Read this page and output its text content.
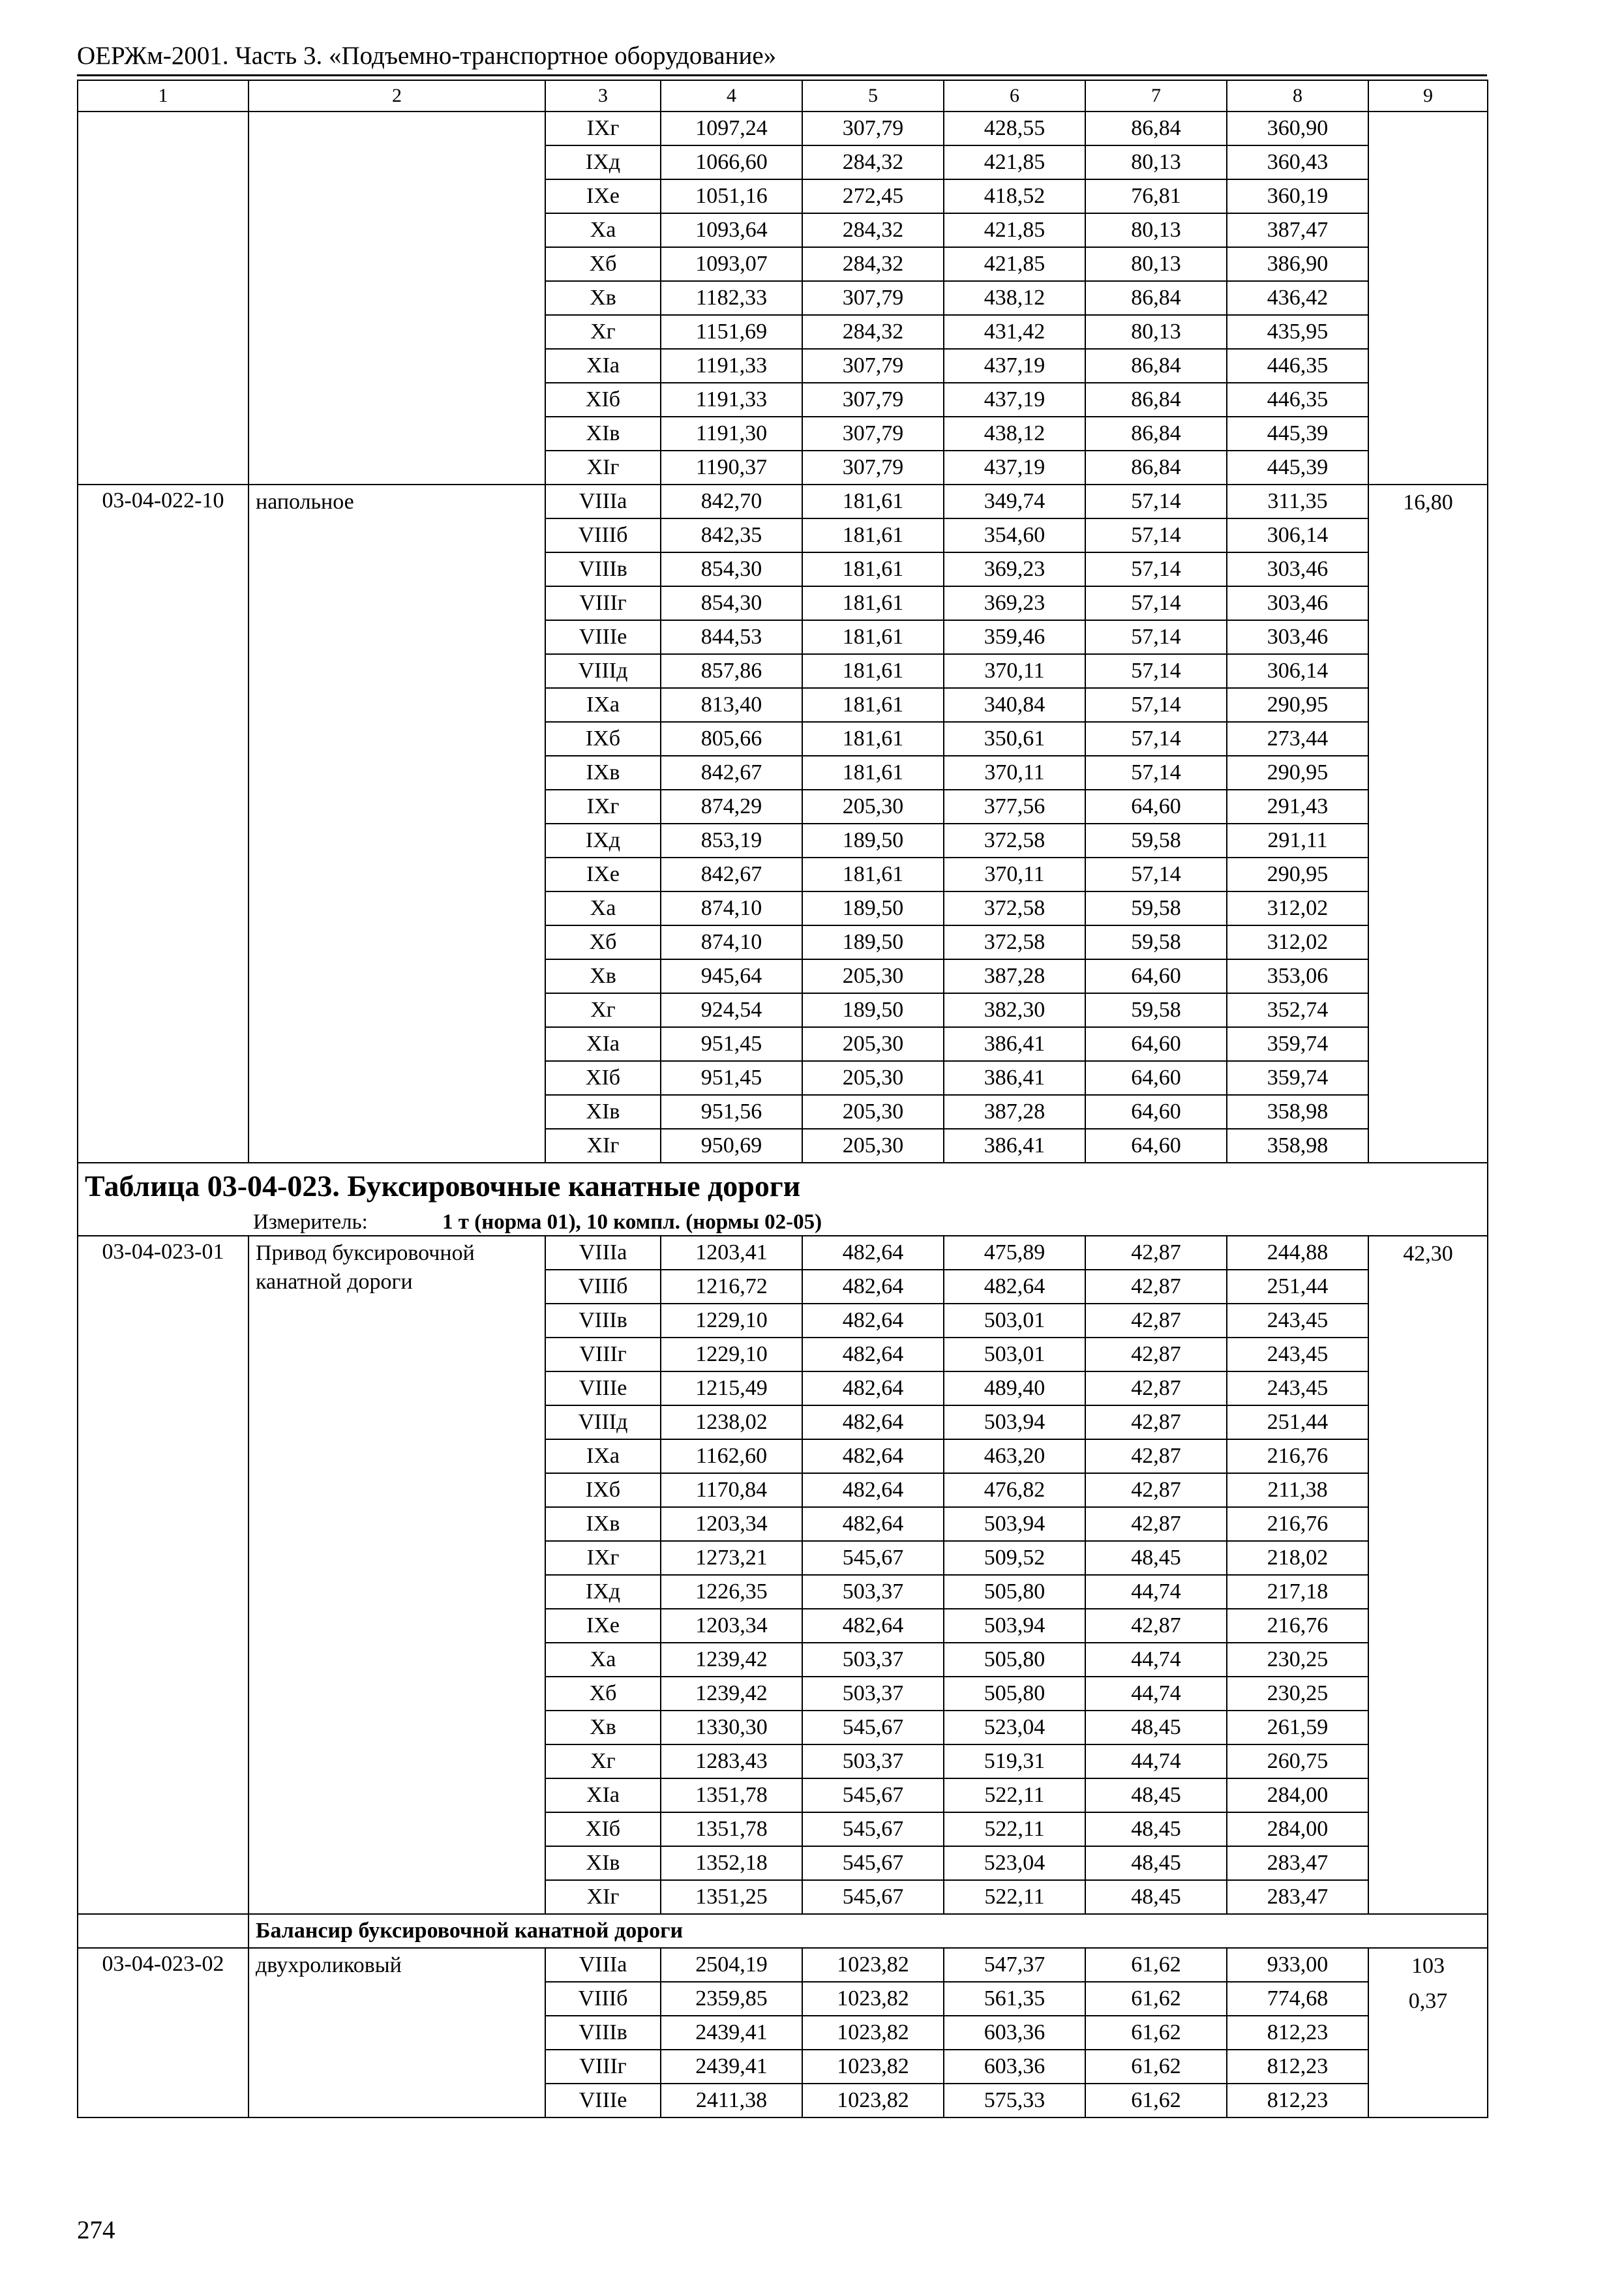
ОЕРЖм-2001. Часть 3. «Подъемно-транспортное оборудование»
1	2	3	4	5	6	7	8	9
		IXг	1097,24	307,79	428,55	86,84	360,90	
		IXд	1066,60	284,32	421,85	80,13	360,43	
		IXе	1051,16	272,45	418,52	76,81	360,19	
		Xа	1093,64	284,32	421,85	80,13	387,47	
		Xб	1093,07	284,32	421,85	80,13	386,90	
		Xв	1182,33	307,79	438,12	86,84	436,42	
		Xг	1151,69	284,32	431,42	80,13	435,95	
		XIа	1191,33	307,79	437,19	86,84	446,35	
		XIб	1191,33	307,79	437,19	86,84	446,35	
		XIв	1191,30	307,79	438,12	86,84	445,39	
		XIг	1190,37	307,79	437,19	86,84	445,39	
03-04-022-10	напольное	VIIIа	842,70	181,61	349,74	57,14	311,35	16,80

		VIIIб	842,35	181,61	354,60	57,14	306,14	
		VIIIв	854,30	181,61	369,23	57,14	303,46	
		VIIIг	854,30	181,61	369,23	57,14	303,46	
		VIIIе	844,53	181,61	359,46	57,14	303,46	
		VIIIд	857,86	181,61	370,11	57,14	306,14	
		IXа	813,40	181,61	340,84	57,14	290,95	
		IXб	805,66	181,61	350,61	57,14	273,44	
		IXв	842,67	181,61	370,11	57,14	290,95	
		IXг	874,29	205,30	377,56	64,60	291,43	
		IXд	853,19	189,50	372,58	59,58	291,11	
		IXе	842,67	181,61	370,11	57,14	290,95	
		Xа	874,10	189,50	372,58	59,58	312,02	
		Xб	874,10	189,50	372,58	59,58	312,02	
		Xв	945,64	205,30	387,28	64,60	353,06	
		Xг	924,54	189,50	382,30	59,58	352,74	
		XIа	951,45	205,30	386,41	64,60	359,74	
		XIб	951,45	205,30	386,41	64,60	359,74	
		XIв	951,56	205,30	387,28	64,60	358,98	
		XIг	950,69	205,30	386,41	64,60	358,98	
Таблица 03-04-023. Буксировочные канатные дороги								
Измеритель: 1 т (норма 01), 10 компл. (нормы 02-05)								
03-04-023-01	Привод буксировочной канатной дороги	VIIIа	1203,41	482,64	475,89	42,87	244,88	42,30

		VIIIб	1216,72	482,64	482,64	42,87	251,44	
		VIIIв	1229,10	482,64	503,01	42,87	243,45	
		VIIIг	1229,10	482,64	503,01	42,87	243,45	
		VIIIе	1215,49	482,64	489,40	42,87	243,45	
		VIIIд	1238,02	482,64	503,94	42,87	251,44	
		IXа	1162,60	482,64	463,20	42,87	216,76	
		IXб	1170,84	482,64	476,82	42,87	211,38	
		IXв	1203,34	482,64	503,94	42,87	216,76	
		IXг	1273,21	545,67	509,52	48,45	218,02	
		IXд	1226,35	503,37	505,80	44,74	217,18	
		IXе	1203,34	482,64	503,94	42,87	216,76	
		Xа	1239,42	503,37	505,80	44,74	230,25	
		Xб	1239,42	503,37	505,80	44,74	230,25	
		Xв	1330,30	545,67	523,04	48,45	261,59	
		Xг	1283,43	503,37	519,31	44,74	260,75	
		XIа	1351,78	545,67	522,11	48,45	284,00	
		XIб	1351,78	545,67	522,11	48,45	284,00	
		XIв	1352,18	545,67	523,04	48,45	283,47	
		XIг	1351,25	545,67	522,11	48,45	283,47	
	Балансир буксировочной канатной дороги							
03-04-023-02	двухроликовый	VIIIа	2504,19	1023,82	547,37	61,62	933,00	103
0,37

		VIIIб	2359,85	1023,82	561,35	61,62	774,68	
		VIIIв	2439,41	1023,82	603,36	61,62	812,23	
		VIIIг	2439,41	1023,82	603,36	61,62	812,23	
		VIIIе	2411,38	1023,82	575,33	61,62	812,23	
274
